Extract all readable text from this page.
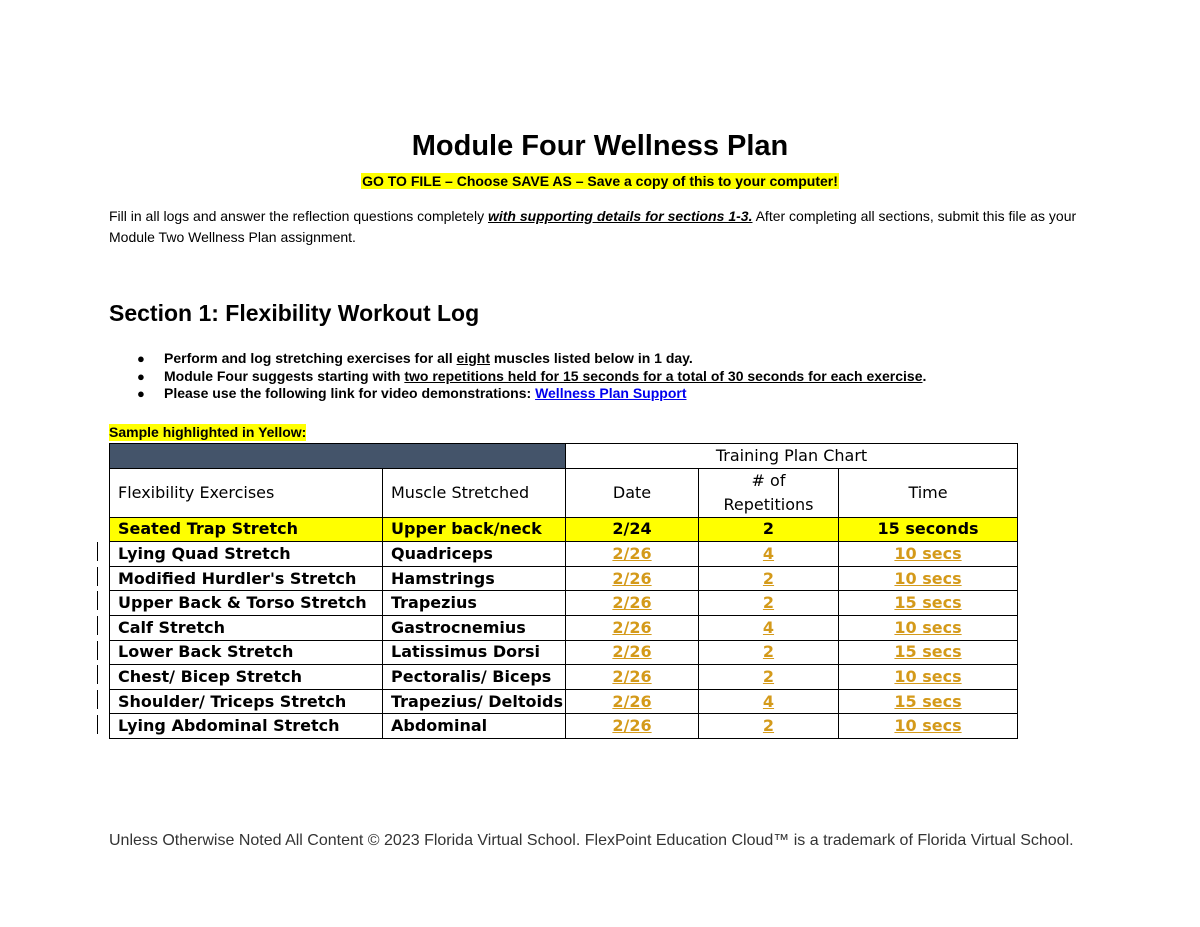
Module Four Wellness Plan
GO TO FILE – Choose SAVE AS – Save a copy of this to your computer!
Fill in all logs and answer the reflection questions completely with supporting details for sections 1-3. After completing all sections, submit this file as your Module Two Wellness Plan assignment.
Section 1: Flexibility Workout Log
● Perform and log stretching exercises for all eight muscles listed below in 1 day.
● Module Four suggests starting with two repetitions held for 15 seconds for a total of 30 seconds for each exercise.
● Please use the following link for video demonstrations: Wellness Plan Support
Sample highlighted in Yellow:
		Training Plan Chart		
Flexibility Exercises	Muscle Stretched	Date	# of Repetitions	Time
Seated Trap Stretch	Upper back/neck	2/24	2	15 seconds
Lying Quad Stretch	Quadriceps	2/26	4	10 secs
Modified Hurdler's Stretch	Hamstrings	2/26	2	10 secs
Upper Back & Torso Stretch	Trapezius	2/26	2	15 secs
Calf Stretch	Gastrocnemius	2/26	4	10 secs
Lower Back Stretch	Latissimus Dorsi	2/26	2	15 secs
Chest/ Bicep Stretch	Pectoralis/ Biceps	2/26	2	10 secs
Shoulder/ Triceps Stretch	Trapezius/ Deltoids	2/26	4	15 secs
Lying Abdominal Stretch	Abdominal	2/26	2	10 secs
Unless Otherwise Noted All Content © 2023 Florida Virtual School. FlexPoint Education Cloud™ is a trademark of Florida Virtual School.
